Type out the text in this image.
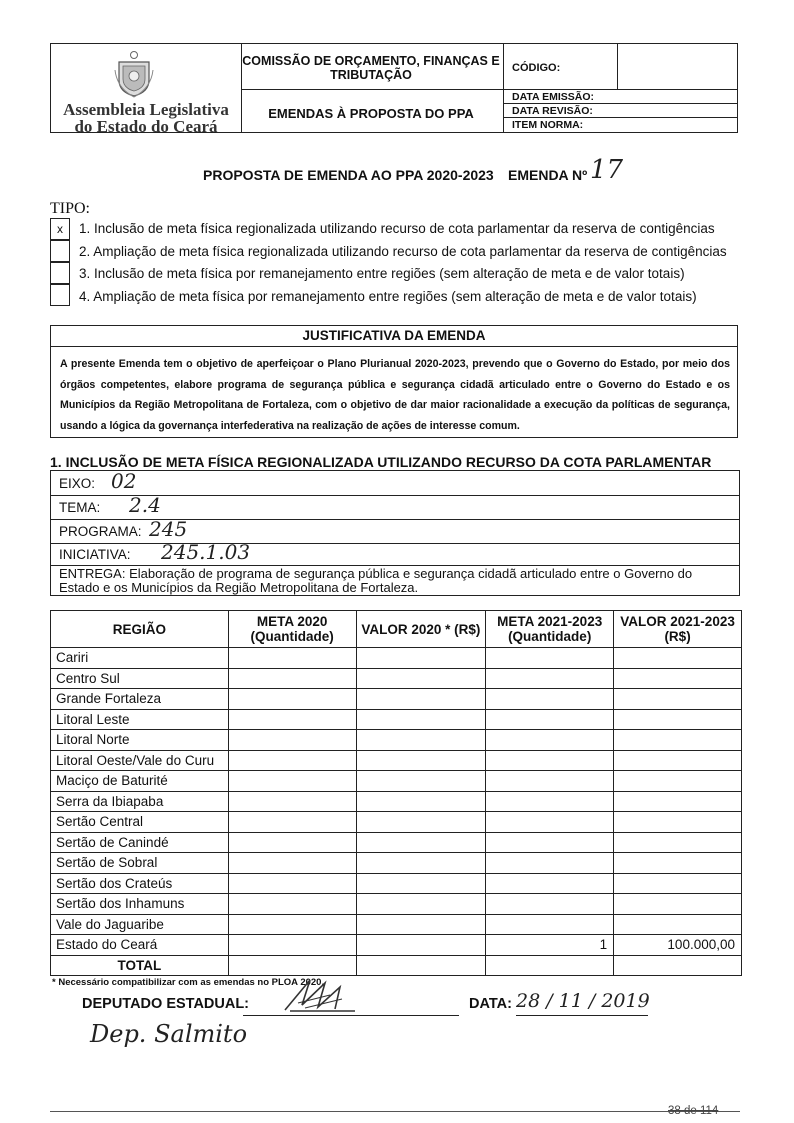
Assembleia Legislativa do Estado do Ceará
COMISSÃO DE ORÇAMENTO, FINANÇAS E TRIBUTAÇÃO
EMENDAS À PROPOSTA DO PPA
CÓDIGO:
DATA EMISSÃO:
DATA REVISÃO:
ITEM NORMA:
PROPOSTA DE EMENDA AO PPA 2020-2023 EMENDA Nº 17
TIPO:
x	1. Inclusão de meta física regionalizada utilizando recurso de cota parlamentar da reserva de contigências
2. Ampliação de meta física regionalizada utilizando recurso de cota parlamentar da reserva de contigências
3. Inclusão de meta física por remanejamento entre regiões (sem alteração de meta e de valor totais)
4. Ampliação de meta física por remanejamento entre regiões (sem alteração de meta e de valor totais)
JUSTIFICATIVA DA EMENDA
A presente Emenda tem o objetivo de aperfeiçoar o Plano Plurianual 2020-2023, prevendo que o Governo do Estado, por meio dos órgãos competentes, elabore programa de segurança pública e segurança cidadã articulado entre o Governo do Estado e os Municípios da Região Metropolitana de Fortaleza, com o objetivo de dar maior racionalidade a execução da políticas de segurança, usando a lógica da governança interfederativa na realização de ações de interesse comum.
1. INCLUSÃO DE META FÍSICA REGIONALIZADA UTILIZANDO RECURSO DA COTA PARLAMENTAR
EIXO: 02
TEMA: 2.4
PROGRAMA: 245
INICIATIVA: 245.1.03
ENTREGA: Elaboração de programa de segurança pública e segurança cidadã articulado entre o Governo do Estado e os Municípios da Região Metropolitana de Fortaleza.
REGIÃO	META 2020 (Quantidade)	VALOR 2020 * (R$)	META 2021-2023 (Quantidade)	VALOR 2021-2023 (R$)
Cariri				
Centro Sul				
Grande Fortaleza				
Litoral Leste				
Litoral Norte				
Litoral Oeste/Vale do Curu				
Maciço de Baturité				
Serra da Ibiapaba				
Sertão Central				
Sertão de Canindé				
Sertão de Sobral				
Sertão dos Crateús				
Sertão dos Inhamuns				
Vale do Jaguaribe				
Estado do Ceará			1	100.000,00
TOTAL				
* Necessário compatibilizar com as emendas no PLOA 2020.
DEPUTADO ESTADUAL:	DATA: 28 / 11 / 2019
Dep. Salmito
38 de 114
